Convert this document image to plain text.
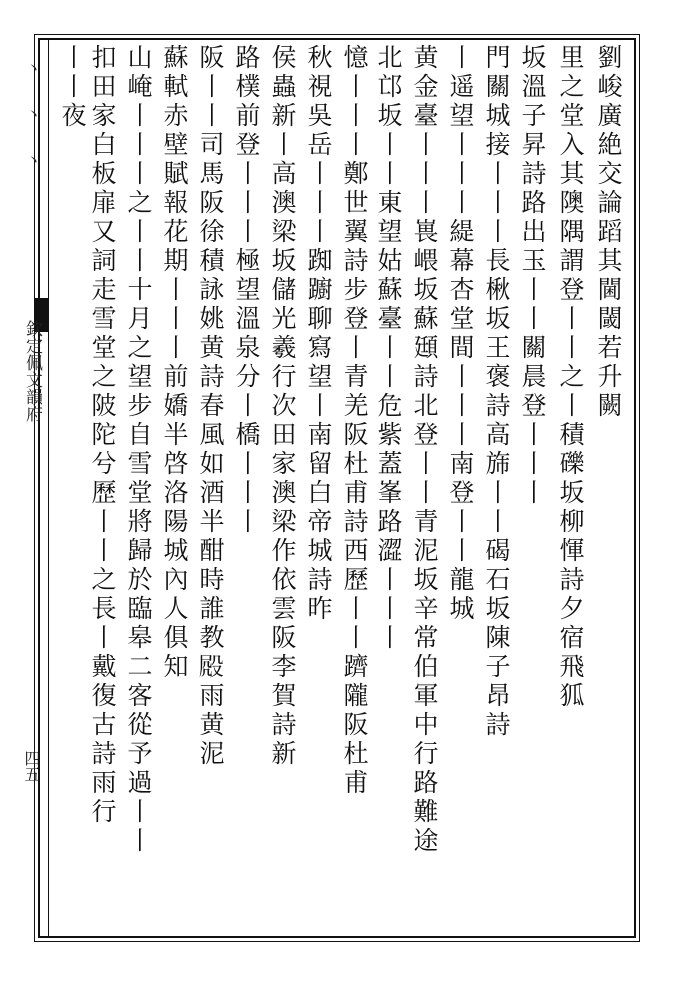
丶丶丶
欽定佩文韻府
四五
劉峻廣絶交論蹈其閫閾若升闕
里之堂入其隩隅謂登丨丨之丨積礫坂柳惲詩夕宿飛狐
坂溫子昇詩路出玉丨丨關晨登丨丨丨
門關城接丨丨丨長楸坂王褒詩高旆丨丨碣石坂陳子昂詩
丨遥望丨丨丨緹幕杏堂間丨丨丨南登丨丨龍城
黄金臺丨丨丨嵔㟪坂蘇頲詩北登丨丨青泥坂辛常伯軍中行路難途
北邙坂丨丨東望姑蘇臺丨丨危紫蓋峯路澀丨丨丨
憶丨丨丨鄭世翼詩步登丨青羌阪杜甫詩西歷丨丨躋隴阪杜甫
秋視吳岳丨丨丨踟躕聊寫望丨南留白帝城詩昨
侯蟲新丨高澳梁坂儲光羲行次田家澳梁作依雲阪李賀詩新
路樸前登丨丨丨極望溫泉分丨橋丨丨丨
阪丨丨司馬阪徐積詠姚黄詩春風如酒半酣時誰教𣪍雨黄泥
蘇軾赤壁賦報花期丨丨丨前嬌半啓洛陽城內人俱知
山崦丨丨丨之丨丨十月之望步自雪堂將歸於臨皋二客從予過丨丨
扣田家白板扉又詞走雪堂之陂陀兮歷丨丨之長丨戴復古詩雨行
丨丨夜
